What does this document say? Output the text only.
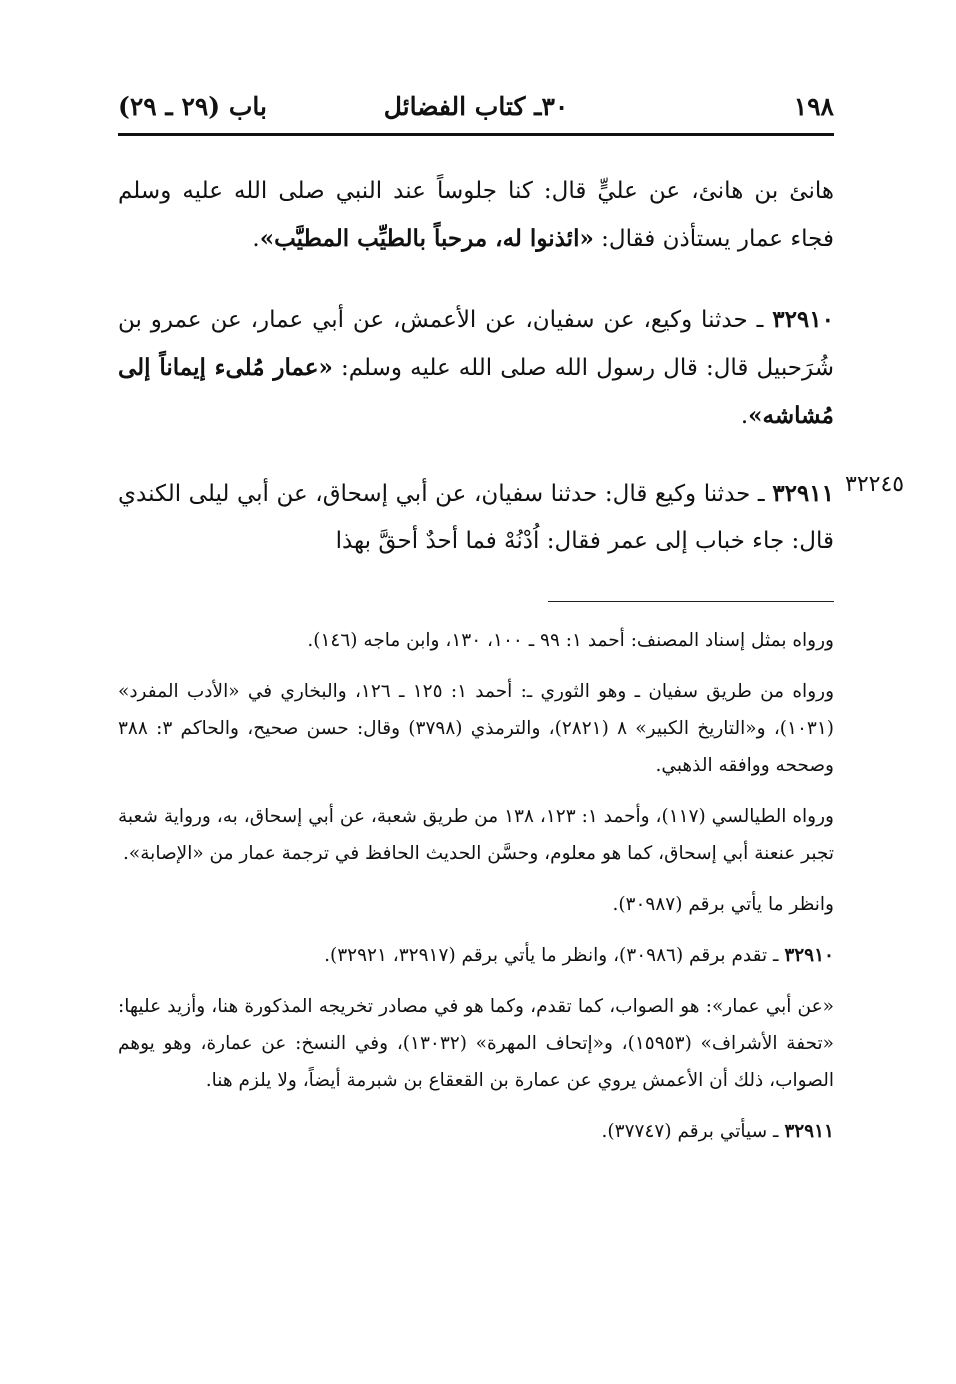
١٩٨
٣٠ـ كتاب الفضائل
باب (٢٩ ـ ٢٩)
هانئ بن هانئ، عن عليٍّ قال: كنا جلوساً عند النبي صلى الله عليه وسلم فجاء عمار يستأذن فقال: «ائذنوا له، مرحباً بالطيِّب المطيَّب».
٣٢٩١٠ ـ حدثنا وكيع، عن سفيان، عن الأعمش، عن أبي عمار، عن عمرو بن شُرَحبيل قال: قال رسول الله صلى الله عليه وسلم: «عمار مُلىء إيماناً إلى مُشاشه».
٣٢٢٤٥
٣٢٩١١ ـ حدثنا وكيع قال: حدثنا سفيان، عن أبي إسحاق، عن أبي ليلى الكندي قال: جاء خباب إلى عمر فقال: اُدْنُهْ فما أحدٌ أحقَّ بهذا

ورواه بمثل إسناد المصنف: أحمد ١: ٩٩ ـ ١٠٠، ١٣٠، وابن ماجه (١٤٦).

ورواه من طريق سفيان ـ وهو الثوري ـ: أحمد ١: ١٢٥ ـ ١٢٦، والبخاري في «الأدب المفرد» (١٠٣١)، و«التاريخ الكبير» ٨ (٢٨٢١)، والترمذي (٣٧٩٨) وقال: حسن صحيح، والحاكم ٣: ٣٨٨ وصححه ووافقه الذهبي.

ورواه الطيالسي (١١٧)، وأحمد ١: ١٢٣، ١٣٨ من طريق شعبة، عن أبي إسحاق، به، ورواية شعبة تجبر عنعنة أبي إسحاق، كما هو معلوم، وحسَّن الحديث الحافظ في ترجمة عمار من «الإصابة».

وانظر ما يأتي برقم (٣٠٩٨٧).

٣٢٩١٠ ـ تقدم برقم (٣٠٩٨٦)، وانظر ما يأتي برقم (٣٢٩١٧، ٣٢٩٢١).

«عن أبي عمار»: هو الصواب، كما تقدم، وكما هو في مصادر تخريجه المذكورة هنا، وأزيد عليها: «تحفة الأشراف» (١٥٩٥٣)، و«إتحاف المهرة» (١٣٠٣٢)، وفي النسخ: عن عمارة، وهو يوهم الصواب، ذلك أن الأعمش يروي عن عمارة بن القعقاع بن شبرمة أيضاً، ولا يلزم هنا.

٣٢٩١١ ـ سيأتي برقم (٣٧٧٤٧).
